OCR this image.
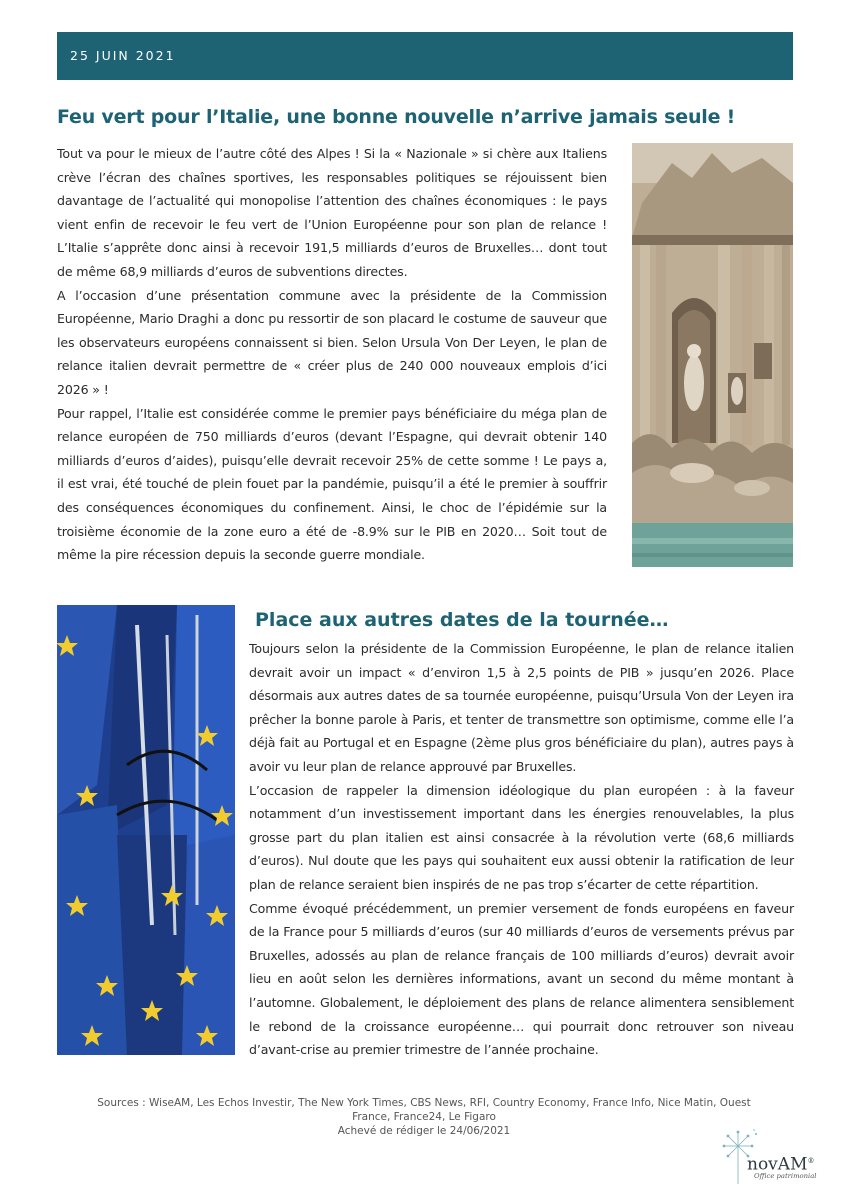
25 JUIN 2021
Feu vert pour l’Italie, une bonne nouvelle n’arrive jamais seule !

Tout va pour le mieux de l’autre côté des Alpes ! Si la « Nazionale » si chère aux Italiens crève l’écran des chaînes sportives, les responsables politiques se réjouissent bien davantage de l’actualité qui monopolise l’attention des chaînes économiques : le pays vient enfin de recevoir le feu vert de l’Union Européenne pour son plan de relance ! L’Italie s’apprête donc ainsi à recevoir 191,5 milliards d’euros de Bruxelles… dont tout de même 68,9 milliards d’euros de subventions directes.

A l’occasion d’une présentation commune avec la présidente de la Commission Européenne, Mario Draghi a donc pu ressortir de son placard le costume de sauveur que les observateurs européens connaissent si bien. Selon Ursula Von Der Leyen, le plan de relance italien devrait permettre de « créer plus de 240 000 nouveaux emplois d’ici 2026 » !

Pour rappel, l’Italie est considérée comme le premier pays bénéficiaire du méga plan de relance européen de 750 milliards d’euros (devant l’Espagne, qui devrait obtenir 140 milliards d’euros d’aides), puisqu’elle devrait recevoir 25% de cette somme ! Le pays a, il est vrai, été touché de plein fouet par la pandémie, puisqu’il a été le premier à souffrir des conséquences économiques du confinement. Ainsi, le choc de l’épidémie sur la troisième économie de la zone euro a été de -8.9% sur le PIB en 2020… Soit tout de même la pire récession depuis la seconde guerre mondiale.

Place aux autres dates de la tournée…

Toujours selon la présidente de la Commission Européenne, le plan de relance italien devrait avoir un impact « d’environ 1,5 à 2,5 points de PIB » jusqu’en 2026. Place désormais aux autres dates de sa tournée européenne, puisqu’Ursula Von der Leyen ira prêcher la bonne parole à Paris, et tenter de transmettre son optimisme, comme elle l’a déjà fait au Portugal et en Espagne (2ème plus gros bénéficiaire du plan), autres pays à avoir vu leur plan de relance approuvé par Bruxelles.

L’occasion de rappeler la dimension idéologique du plan européen : à la faveur notamment d’un investissement important dans les énergies renouvelables, la plus grosse part du plan italien est ainsi consacrée à la révolution verte (68,6 milliards d’euros). Nul doute que les pays qui souhaitent eux aussi obtenir la ratification de leur plan de relance seraient bien inspirés de ne pas trop s’écarter de cette répartition.

Comme évoqué précédemment, un premier versement de fonds européens en faveur de la France pour 5 milliards d’euros (sur 40 milliards d’euros de versements prévus par Bruxelles, adossés au plan de relance français de 100 milliards d’euros) devrait avoir lieu en août selon les dernières informations, avant un second du même montant à l’automne. Globalement, le déploiement des plans de relance alimentera sensiblement le rebond de la croissance européenne… qui pourrait donc retrouver son niveau d’avant-crise au premier trimestre de l’année prochaine.

Sources : WiseAM, Les Echos Investir, The New York Times, CBS News, RFI, Country Economy, France Info, Nice Matin, Ouest
France, France24, Le Figaro
Achevé de rédiger le 24/06/2021
novAM®
Office patrimonial
